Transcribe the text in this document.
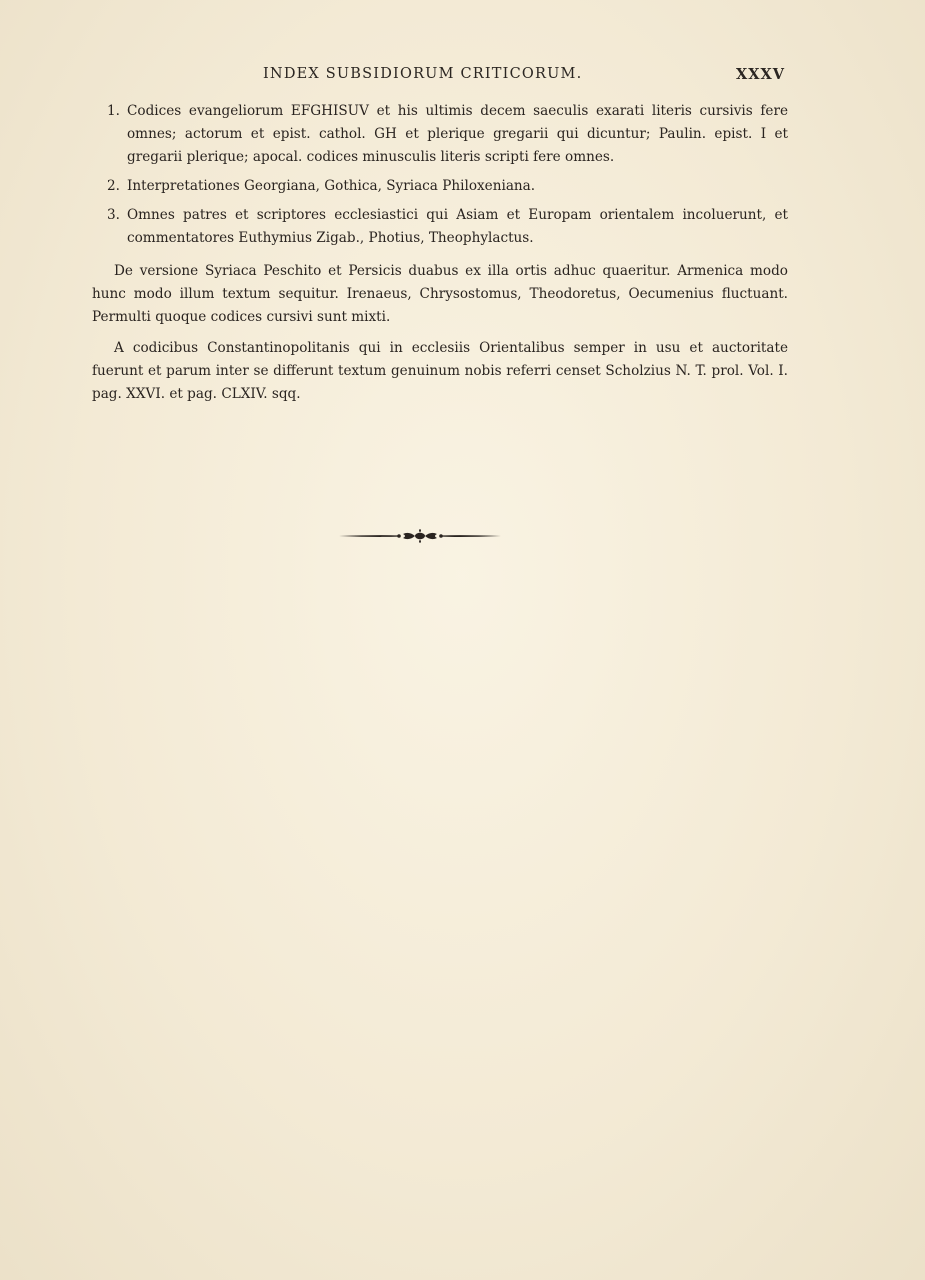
INDEX SUBSIDIORUM CRITICORUM.	XXXV
1. Codices evangeliorum EFGHISUV et his ultimis decem saeculis exarati literis cursivis fere omnes; actorum et epist. cathol. GH et plerique gregarii qui dicuntur; Paulin. epist. I et gregarii plerique; apocal. codices minusculis literis scripti fere omnes.
2. Interpretationes Georgiana, Gothica, Syriaca Philoxeniana.
3. Omnes patres et scriptores ecclesiastici qui Asiam et Europam orientalem incoluerunt, et commentatores Euthymius Zigab., Photius, Theophylactus.

De versione Syriaca Peschito et Persicis duabus ex illa ortis adhuc quaeritur. Armenica modo hunc modo illum textum sequitur. Irenaeus, Chrysostomus, Theodoretus, Oecumenius fluctuant. Permulti quoque codices cursivi sunt mixti.

A codicibus Constantinopolitanis qui in ecclesiis Orientalibus semper in usu et auctoritate fuerunt et parum inter se differunt textum genuinum nobis referri censet Scholzius N. T. prol. Vol. I. pag. XXVI. et pag. CLXIV. sqq.
